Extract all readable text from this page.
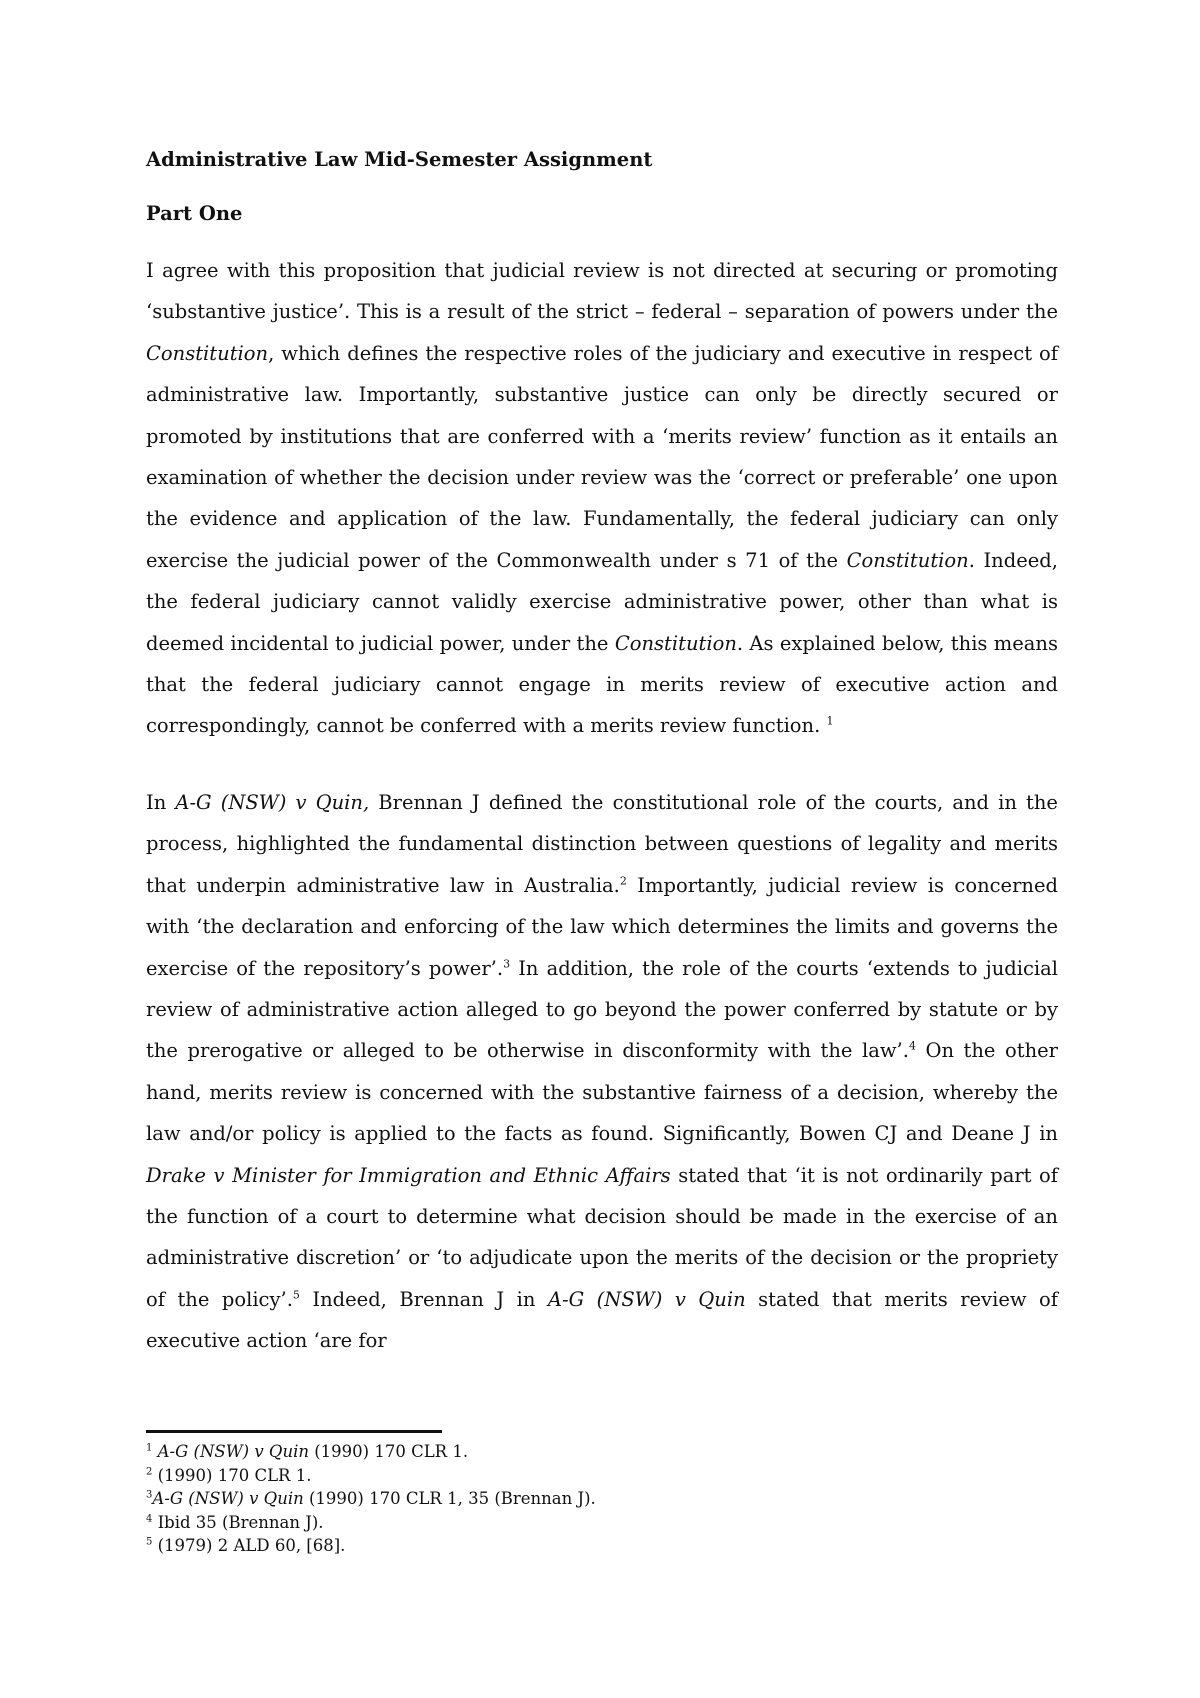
Administrative Law Mid-Semester Assignment
Part One

I agree with this proposition that judicial review is not directed at securing or promoting ‘substantive justice’. This is a result of the strict – federal – separation of powers under the Constitution, which defines the respective roles of the judiciary and executive in respect of administrative law. Importantly, substantive justice can only be directly secured or promoted by institutions that are conferred with a ‘merits review’ function as it entails an examination of whether the decision under review was the ‘correct or preferable’ one upon the evidence and application of the law. Fundamentally, the federal judiciary can only exercise the judicial power of the Commonwealth under s 71 of the Constitution. Indeed, the federal judiciary cannot validly exercise administrative power, other than what is deemed incidental to judicial power, under the Constitution. As explained below, this means that the federal judiciary cannot engage in merits review of executive action and correspondingly, cannot be conferred with a merits review function. $^1$

In A-G (NSW) v Quin, Brennan J defined the constitutional role of the courts, and in the process, highlighted the fundamental distinction between questions of legality and merits that underpin administrative law in Australia.$^2$ Importantly, judicial review is concerned with ‘the declaration and enforcing of the law which determines the limits and governs the exercise of the repository’s power’.$^3$ In addition, the role of the courts ‘extends to judicial review of administrative action alleged to go beyond the power conferred by statute or by the prerogative or alleged to be otherwise in disconformity with the law’.$^4$ On the other hand, merits review is concerned with the substantive fairness of a decision, whereby the law and/or policy is applied to the facts as found. Significantly, Bowen CJ and Deane J in Drake v Minister for Immigration and Ethnic Affairs stated that ‘it is not ordinarily part of the function of a court to determine what decision should be made in the exercise of an administrative discretion’ or ‘to adjudicate upon the merits of the decision or the propriety of the policy’.$^5$ Indeed, Brennan J in A-G (NSW) v Quin stated that merits review of executive action ‘are for

$^1$ A-G (NSW) v Quin (1990) 170 CLR 1.
$^2$ (1990) 170 CLR 1.
$^3$A-G (NSW) v Quin (1990) 170 CLR 1, 35 (Brennan J).
$^4$ Ibid 35 (Brennan J).
$^5$ (1979) 2 ALD 60, [68].
